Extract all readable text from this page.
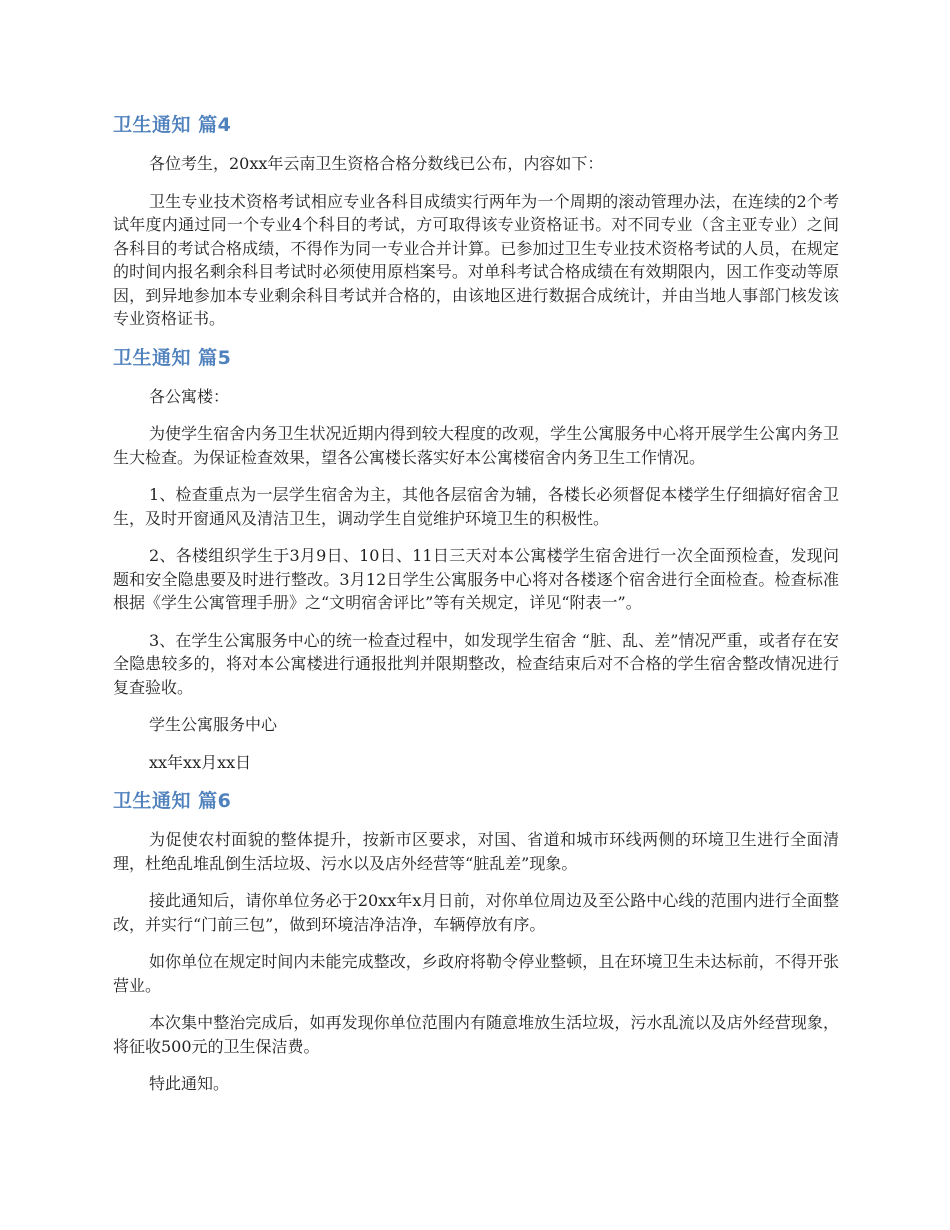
卫生通知 篇4

各位考生，20xx年云南卫生资格合格分数线已公布，内容如下：

卫生专业技术资格考试相应专业各科目成绩实行两年为一个周期的滚动管理办法，在连续的2个考试年度内通过同一个专业4个科目的考试，方可取得该专业资格证书。对不同专业（含主亚专业）之间各科目的考试合格成绩，不得作为同一专业合并计算。已参加过卫生专业技术资格考试的人员，在规定的时间内报名剩余科目考试时必须使用原档案号。对单科考试合格成绩在有效期限内，因工作变动等原因，到异地参加本专业剩余科目考试并合格的，由该地区进行数据合成统计，并由当地人事部门核发该专业资格证书。

卫生通知 篇5

各公寓楼：

为使学生宿舍内务卫生状况近期内得到较大程度的改观，学生公寓服务中心将开展学生公寓内务卫生大检查。为保证检查效果，望各公寓楼长落实好本公寓楼宿舍内务卫生工作情况。

1、检查重点为一层学生宿舍为主，其他各层宿舍为辅，各楼长必须督促本楼学生仔细搞好宿舍卫生，及时开窗通风及清洁卫生，调动学生自觉维护环境卫生的积极性。

2、各楼组织学生于3月9日、10日、11日三天对本公寓楼学生宿舍进行一次全面预检查，发现问题和安全隐患要及时进行整改。3月12日学生公寓服务中心将对各楼逐个宿舍进行全面检查。检查标准根据《学生公寓管理手册》之“文明宿舍评比”等有关规定，详见“附表一”。

3、在学生公寓服务中心的统一检查过程中，如发现学生宿舍 “脏、乱、差”情况严重，或者存在安全隐患较多的，将对本公寓楼进行通报批判并限期整改，检查结束后对不合格的学生宿舍整改情况进行复查验收。

学生公寓服务中心

xx年xx月xx日

卫生通知 篇6

为促使农村面貌的整体提升，按新市区要求，对国、省道和城市环线两侧的环境卫生进行全面清理，杜绝乱堆乱倒生活垃圾、污水以及店外经营等“脏乱差”现象。

接此通知后，请你单位务必于20xx年x月日前，对你单位周边及至公路中心线的范围内进行全面整改，并实行“门前三包”，做到环境洁净洁净，车辆停放有序。

如你单位在规定时间内未能完成整改，乡政府将勒令停业整顿，且在环境卫生未达标前，不得开张营业。

本次集中整治完成后，如再发现你单位范围内有随意堆放生活垃圾，污水乱流以及店外经营现象，将征收500元的卫生保洁费。

特此通知。
